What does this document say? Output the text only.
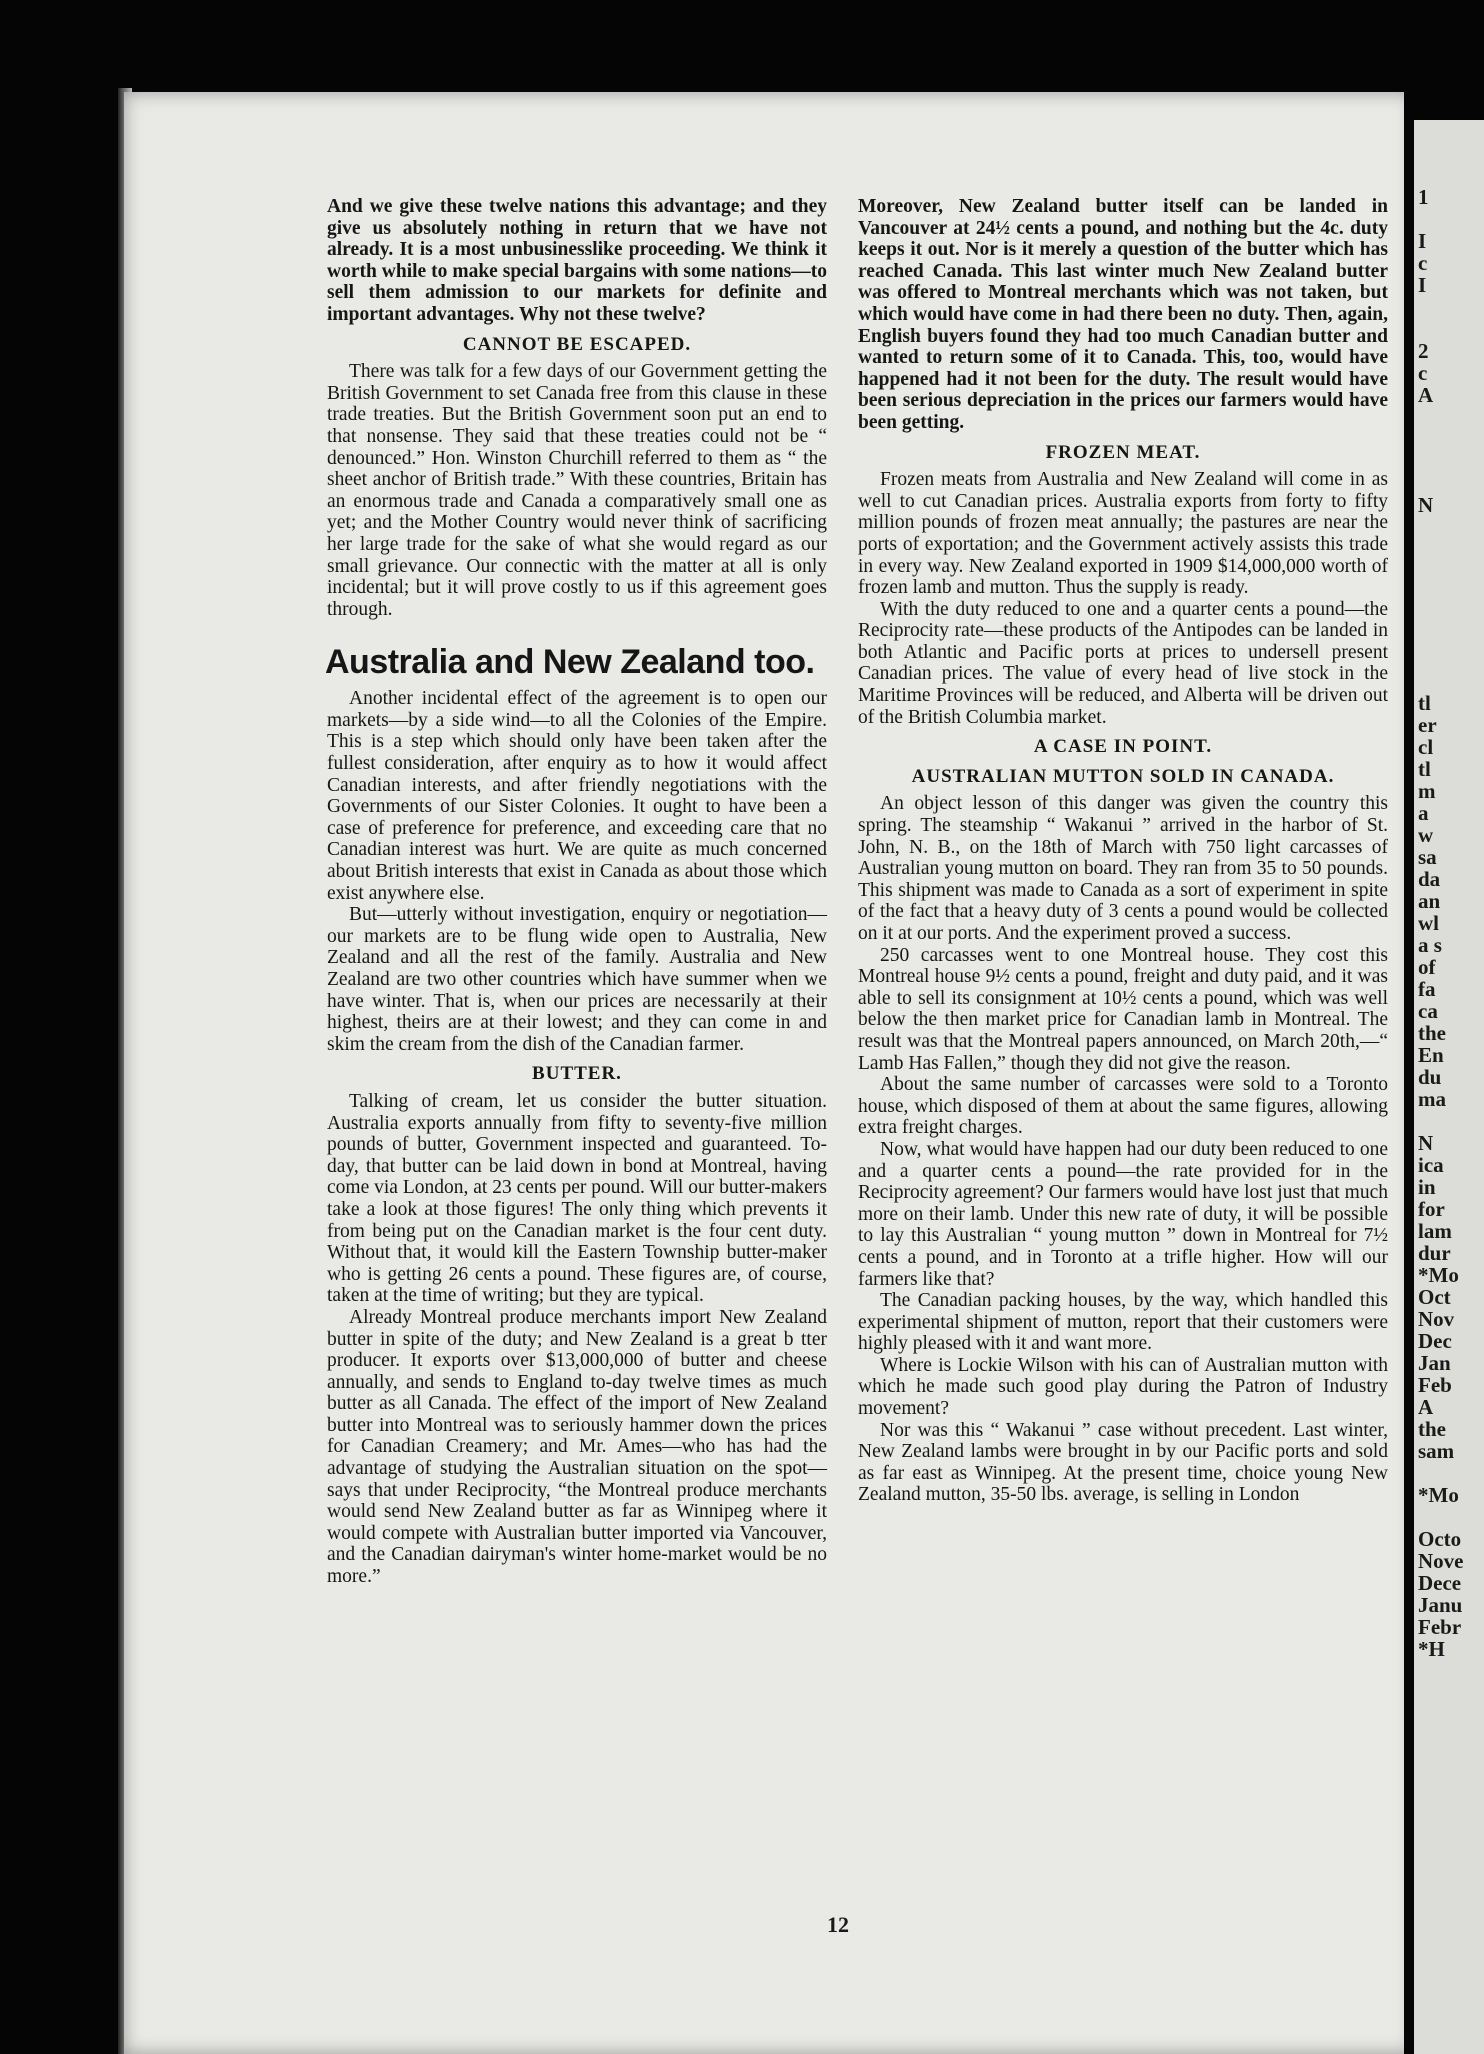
1

I
c
I

2
c
A

N

tl
er
cl
tl
m
a
w
sa
da
an
wl
a s
of
fa
ca
the
En
du
ma

N
ica
in
for
lam
dur
*Mo
Oct
Nov
Dec
Jan
Feb
A
the
sam

*Mo

Octo
Nove
Dece
Janu
Febr
*H

And we give these twelve nations this advantage; and they give us absolutely nothing in return that we have not already. It is a most unbusinesslike proceeding. We think it worth while to make special bargains with some nations—to sell them admission to our markets for definite and important advantages. Why not these twelve?

CANNOT BE ESCAPED.

There was talk for a few days of our Government getting the British Government to set Canada free from this clause in these trade treaties. But the British Government soon put an end to that nonsense. They said that these treaties could not be “ denounced.” Hon. Winston Churchill referred to them as “ the sheet anchor of British trade.” With these countries, Britain has an enormous trade and Canada a comparatively small one as yet; and the Mother Country would never think of sacrificing her large trade for the sake of what she would regard as our small grievance. Our connectic with the matter at all is only incidental; but it will prove costly to us if this agreement goes through.

Australia and New Zealand too.

Another incidental effect of the agreement is to open our markets—by a side wind—to all the Colonies of the Empire. This is a step which should only have been taken after the fullest consideration, after enquiry as to how it would affect Canadian interests, and after friendly negotiations with the Governments of our Sister Colonies. It ought to have been a case of preference for preference, and exceeding care that no Canadian interest was hurt. We are quite as much concerned about British interests that exist in Canada as about those which exist anywhere else.

But—utterly without investigation, enquiry or negotiation—our markets are to be flung wide open to Australia, New Zealand and all the rest of the family. Australia and New Zealand are two other countries which have summer when we have winter. That is, when our prices are necessarily at their highest, theirs are at their lowest; and they can come in and skim the cream from the dish of the Canadian farmer.

BUTTER.

Talking of cream, let us consider the butter situation. Australia exports annually from fifty to seventy-five million pounds of butter, Government inspected and guaranteed. To-day, that butter can be laid down in bond at Montreal, having come via London, at 23 cents per pound. Will our butter-makers take a look at those figures! The only thing which prevents it from being put on the Canadian market is the four cent duty. Without that, it would kill the Eastern Township butter-maker who is getting 26 cents a pound. These figures are, of course, taken at the time of writing; but they are typical.

Already Montreal produce merchants import New Zealand butter in spite of the duty; and New Zealand is a great b tter producer. It exports over $13,000,000 of butter and cheese annually, and sends to England to-day twelve times as much butter as all Canada. The effect of the import of New Zealand butter into Montreal was to seriously hammer down the prices for Canadian Creamery; and Mr. Ames—who has had the advantage of studying the Australian situation on the spot—says that under Reciprocity, “the Montreal produce merchants would send New Zealand butter as far as Winnipeg where it would compete with Australian butter imported via Vancouver, and the Canadian dairyman's winter home-market would be no more.”

Moreover, New Zealand butter itself can be landed in Vancouver at 24½ cents a pound, and nothing but the 4c. duty keeps it out. Nor is it merely a question of the butter which has reached Canada. This last winter much New Zealand butter was offered to Montreal merchants which was not taken, but which would have come in had there been no duty. Then, again, English buyers found they had too much Canadian butter and wanted to return some of it to Canada. This, too, would have happened had it not been for the duty. The result would have been serious depreciation in the prices our farmers would have been getting.

FROZEN MEAT.

Frozen meats from Australia and New Zealand will come in as well to cut Canadian prices. Australia exports from forty to fifty million pounds of frozen meat annually; the pastures are near the ports of exportation; and the Government actively assists this trade in every way. New Zealand exported in 1909 $14,000,000 worth of frozen lamb and mutton. Thus the supply is ready.

With the duty reduced to one and a quarter cents a pound—the Reciprocity rate—these products of the Antipodes can be landed in both Atlantic and Pacific ports at prices to undersell present Canadian prices. The value of every head of live stock in the Maritime Provinces will be reduced, and Alberta will be driven out of the British Columbia market.

A CASE IN POINT.
AUSTRALIAN MUTTON SOLD IN CANADA.

An object lesson of this danger was given the country this spring. The steamship “ Wakanui ” arrived in the harbor of St. John, N. B., on the 18th of March with 750 light carcasses of Australian young mutton on board. They ran from 35 to 50 pounds. This shipment was made to Canada as a sort of experiment in spite of the fact that a heavy duty of 3 cents a pound would be collected on it at our ports. And the experiment proved a success.

250 carcasses went to one Montreal house. They cost this Montreal house 9½ cents a pound, freight and duty paid, and it was able to sell its consignment at 10½ cents a pound, which was well below the then market price for Canadian lamb in Montreal. The result was that the Montreal papers announced, on March 20th,—“ Lamb Has Fallen,” though they did not give the reason.

About the same number of carcasses were sold to a Toronto house, which disposed of them at about the same figures, allowing extra freight charges.

Now, what would have happen had our duty been reduced to one and a quarter cents a pound—the rate provided for in the Reciprocity agreement? Our farmers would have lost just that much more on their lamb. Under this new rate of duty, it will be possible to lay this Australian “ young mutton ” down in Montreal for 7½ cents a pound, and in Toronto at a trifle higher. How will our farmers like that?

The Canadian packing houses, by the way, which handled this experimental shipment of mutton, report that their customers were highly pleased with it and want more.

Where is Lockie Wilson with his can of Australian mutton with which he made such good play during the Patron of Industry movement?

Nor was this “ Wakanui ” case without precedent. Last winter, New Zealand lambs were brought in by our Pacific ports and sold as far east as Winnipeg. At the present time, choice young New Zealand mutton, 35-50 lbs. average, is selling in London

12
